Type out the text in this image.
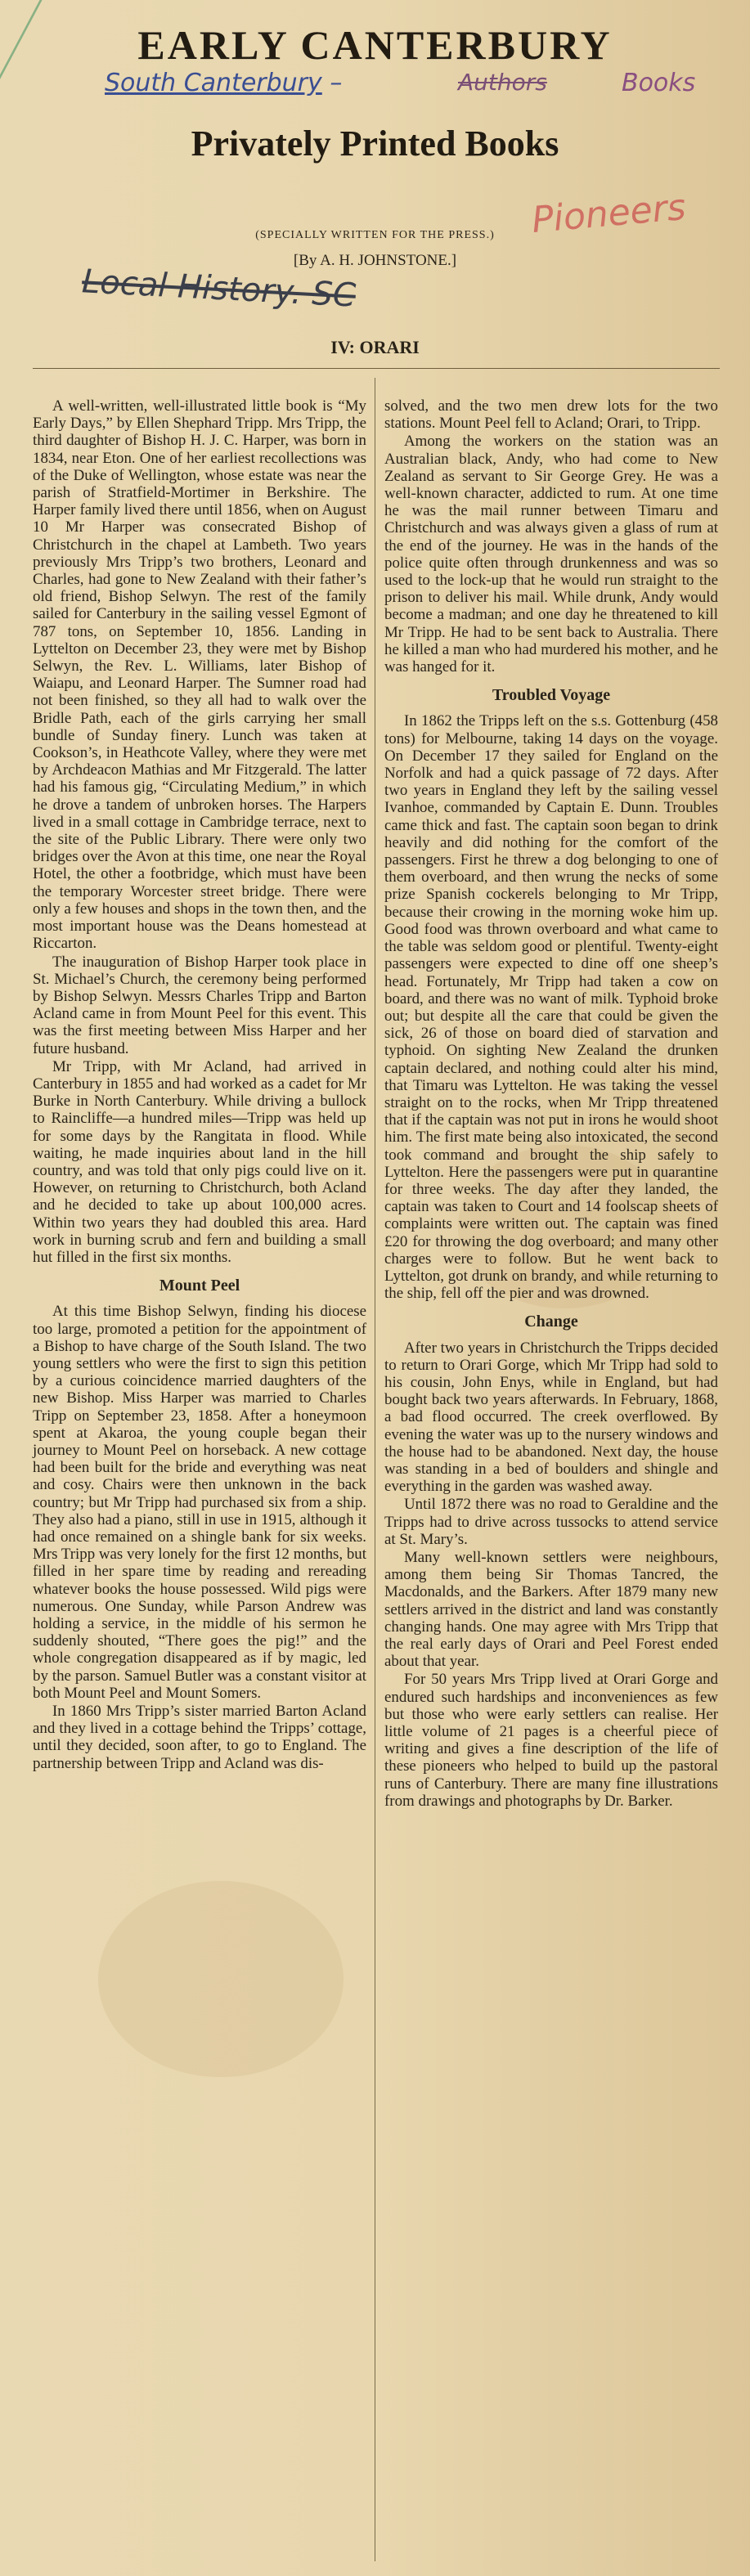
EARLY CANTERBURY
South Canterbury –	Authors	Books
Privately Printed Books
Pioneers
(SPECIALLY WRITTEN FOR THE PRESS.)
[By A. H. JOHNSTONE.]
Local History. SC
IV: ORARI

A well-written, well-illustrated little book is “My Early Days,” by Ellen Shephard Tripp. Mrs Tripp, the third daughter of Bishop H. J. C. Harper, was born in 1834, near Eton. One of her earliest recollections was of the Duke of Wellington, whose estate was near the parish of Stratfield-Mortimer in Berkshire. The Harper family lived there until 1856, when on August 10 Mr Harper was consecrated Bishop of Christchurch in the chapel at Lambeth. Two years previously Mrs Tripp’s two brothers, Leonard and Charles, had gone to New Zealand with their father’s old friend, Bishop Selwyn. The rest of the family sailed for Canterbury in the sailing vessel Egmont of 787 tons, on September 10, 1856. Landing in Lyttelton on December 23, they were met by Bishop Selwyn, the Rev. L. Williams, later Bishop of Waiapu, and Leonard Harper. The Sumner road had not been finished, so they all had to walk over the Bridle Path, each of the girls carrying her small bundle of Sunday finery. Lunch was taken at Cookson’s, in Heathcote Valley, where they were met by Archdeacon Mathias and Mr Fitzgerald. The latter had his famous gig, “Circulating Medium,” in which he drove a tandem of unbroken horses. The Harpers lived in a small cottage in Cambridge terrace, next to the site of the Public Library. There were only two bridges over the Avon at this time, one near the Royal Hotel, the other a footbridge, which must have been the temporary Worcester street bridge. There were only a few houses and shops in the town then, and the most important house was the Deans homestead at Riccarton.

The inauguration of Bishop Harper took place in St. Michael’s Church, the ceremony being performed by Bishop Selwyn. Messrs Charles Tripp and Barton Acland came in from Mount Peel for this event. This was the first meeting between Miss Harper and her future husband.

Mr Tripp, with Mr Acland, had arrived in Canterbury in 1855 and had worked as a cadet for Mr Burke in North Canterbury. While driving a bullock to Raincliffe—a hundred miles—Tripp was held up for some days by the Rangitata in flood. While waiting, he made inquiries about land in the hill country, and was told that only pigs could live on it. However, on returning to Christchurch, both Acland and he decided to take up about 100,000 acres. Within two years they had doubled this area. Hard work in burning scrub and fern and building a small hut filled in the first six months.

Mount Peel

At this time Bishop Selwyn, finding his diocese too large, promoted a petition for the appointment of a Bishop to have charge of the South Island. The two young settlers who were the first to sign this petition by a curious coincidence married daughters of the new Bishop. Miss Harper was married to Charles Tripp on September 23, 1858. After a honeymoon spent at Akaroa, the young couple began their journey to Mount Peel on horseback. A new cottage had been built for the bride and everything was neat and cosy. Chairs were then unknown in the back country; but Mr Tripp had purchased six from a ship. They also had a piano, still in use in 1915, although it had once remained on a shingle bank for six weeks. Mrs Tripp was very lonely for the first 12 months, but filled in her spare time by reading and rereading whatever books the house possessed. Wild pigs were numerous. One Sunday, while Parson Andrew was holding a service, in the middle of his sermon he suddenly shouted, “There goes the pig!” and the whole congregation disappeared as if by magic, led by the parson. Samuel Butler was a constant visitor at both Mount Peel and Mount Somers.

In 1860 Mrs Tripp’s sister married Barton Acland and they lived in a cottage behind the Tripps’ cottage, until they decided, soon after, to go to England. The partnership between Tripp and Acland was dis-

solved, and the two men drew lots for the two stations. Mount Peel fell to Acland; Orari, to Tripp.

Among the workers on the station was an Australian black, Andy, who had come to New Zealand as servant to Sir George Grey. He was a well-known character, addicted to rum. At one time he was the mail runner between Timaru and Christchurch and was always given a glass of rum at the end of the journey. He was in the hands of the police quite often through drunkenness and was so used to the lock-up that he would run straight to the prison to deliver his mail. While drunk, Andy would become a madman; and one day he threatened to kill Mr Tripp. He had to be sent back to Australia. There he killed a man who had murdered his mother, and he was hanged for it.

Troubled Voyage

In 1862 the Tripps left on the s.s. Gottenburg (458 tons) for Melbourne, taking 14 days on the voyage. On December 17 they sailed for England on the Norfolk and had a quick passage of 72 days. After two years in England they left by the sailing vessel Ivanhoe, commanded by Captain E. Dunn. Troubles came thick and fast. The captain soon began to drink heavily and did nothing for the comfort of the passengers. First he threw a dog belonging to one of them overboard, and then wrung the necks of some prize Spanish cockerels belonging to Mr Tripp, because their crowing in the morning woke him up. Good food was thrown overboard and what came to the table was seldom good or plentiful. Twenty-eight passengers were expected to dine off one sheep’s head. Fortunately, Mr Tripp had taken a cow on board, and there was no want of milk. Typhoid broke out; but despite all the care that could be given the sick, 26 of those on board died of starvation and typhoid. On sighting New Zealand the drunken captain declared, and nothing could alter his mind, that Timaru was Lyttelton. He was taking the vessel straight on to the rocks, when Mr Tripp threatened that if the captain was not put in irons he would shoot him. The first mate being also intoxicated, the second took command and brought the ship safely to Lyttelton. Here the passengers were put in quarantine for three weeks. The day after they landed, the captain was taken to Court and 14 foolscap sheets of complaints were written out. The captain was fined £20 for throwing the dog overboard; and many other charges were to follow. But he went back to Lyttelton, got drunk on brandy, and while returning to the ship, fell off the pier and was drowned.

Change

After two years in Christchurch the Tripps decided to return to Orari Gorge, which Mr Tripp had sold to his cousin, John Enys, while in England, but had bought back two years afterwards. In February, 1868, a bad flood occurred. The creek overflowed. By evening the water was up to the nursery windows and the house had to be abandoned. Next day, the house was standing in a bed of boulders and shingle and everything in the garden was washed away.

Until 1872 there was no road to Geraldine and the Tripps had to drive across tussocks to attend service at St. Mary’s.

Many well-known settlers were neighbours, among them being Sir Thomas Tancred, the Macdonalds, and the Barkers. After 1879 many new settlers arrived in the district and land was constantly changing hands. One may agree with Mrs Tripp that the real early days of Orari and Peel Forest ended about that year.

For 50 years Mrs Tripp lived at Orari Gorge and endured such hardships and inconveniences as few but those who were early settlers can realise. Her little volume of 21 pages is a cheerful piece of writing and gives a fine description of the life of these pioneers who helped to build up the pastoral runs of Canterbury. There are many fine illustrations from drawings and photographs by Dr. Barker.
